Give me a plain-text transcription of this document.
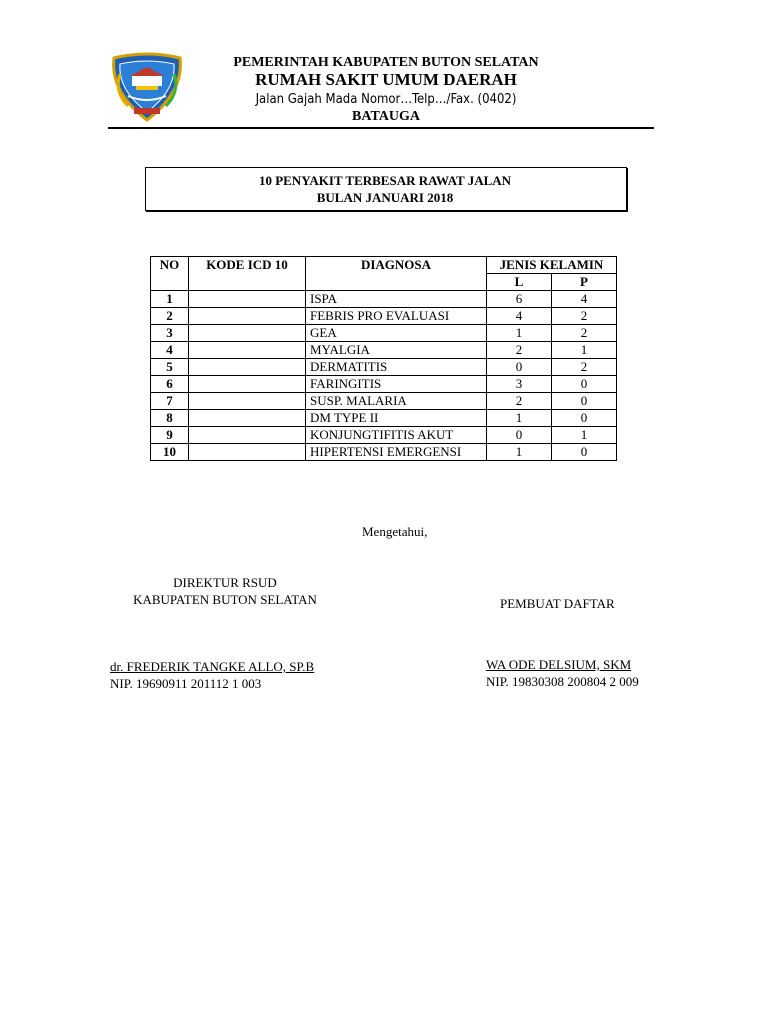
PEMERINTAH KABUPATEN BUTON SELATAN
RUMAH SAKIT UMUM DAERAH
Jalan Gajah Mada Nomor…Telp…/Fax. (0402)
BATAUGA
10 PENYAKIT TERBESAR RAWAT JALAN
BULAN JANUARI 2018
NO	KODE ICD 10	DIAGNOSA	JENIS KELAMIN	
			L	P
1		ISPA	6	4
2		FEBRIS PRO EVALUASI	4	2
3		GEA	1	2
4		MYALGIA	2	1
5		DERMATITIS	0	2
6		FARINGITIS	3	0
7		SUSP. MALARIA	2	0
8		DM TYPE II	1	0
9		KONJUNGTIFITIS AKUT	0	1
10		HIPERTENSI EMERGENSI	1	0
Mengetahui,
DIREKTUR RSUD
KABUPATEN BUTON SELATAN	PEMBUAT DAFTAR
dr. FREDERIK TANGKE ALLO, SP.B
NIP. 19690911 201112 1 003
WA ODE DELSIUM, SKM
NIP. 19830308 200804 2 009
